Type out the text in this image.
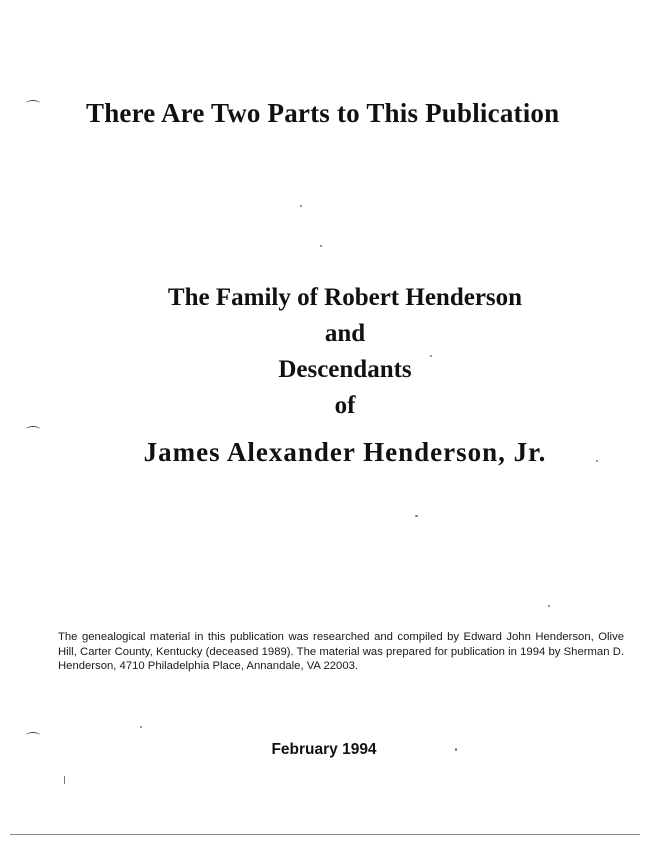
There Are Two Parts to This Publication
The Family of Robert Henderson
and
Descendants
of
James Alexander Henderson, Jr.
The genealogical material in this publication was researched and compiled by Edward John Henderson, Olive Hill, Carter County, Kentucky (deceased 1989). The material was prepared for publication in 1994 by Sherman D. Henderson, 4710 Philadelphia Place, Annandale, VA 22003.
February 1994
